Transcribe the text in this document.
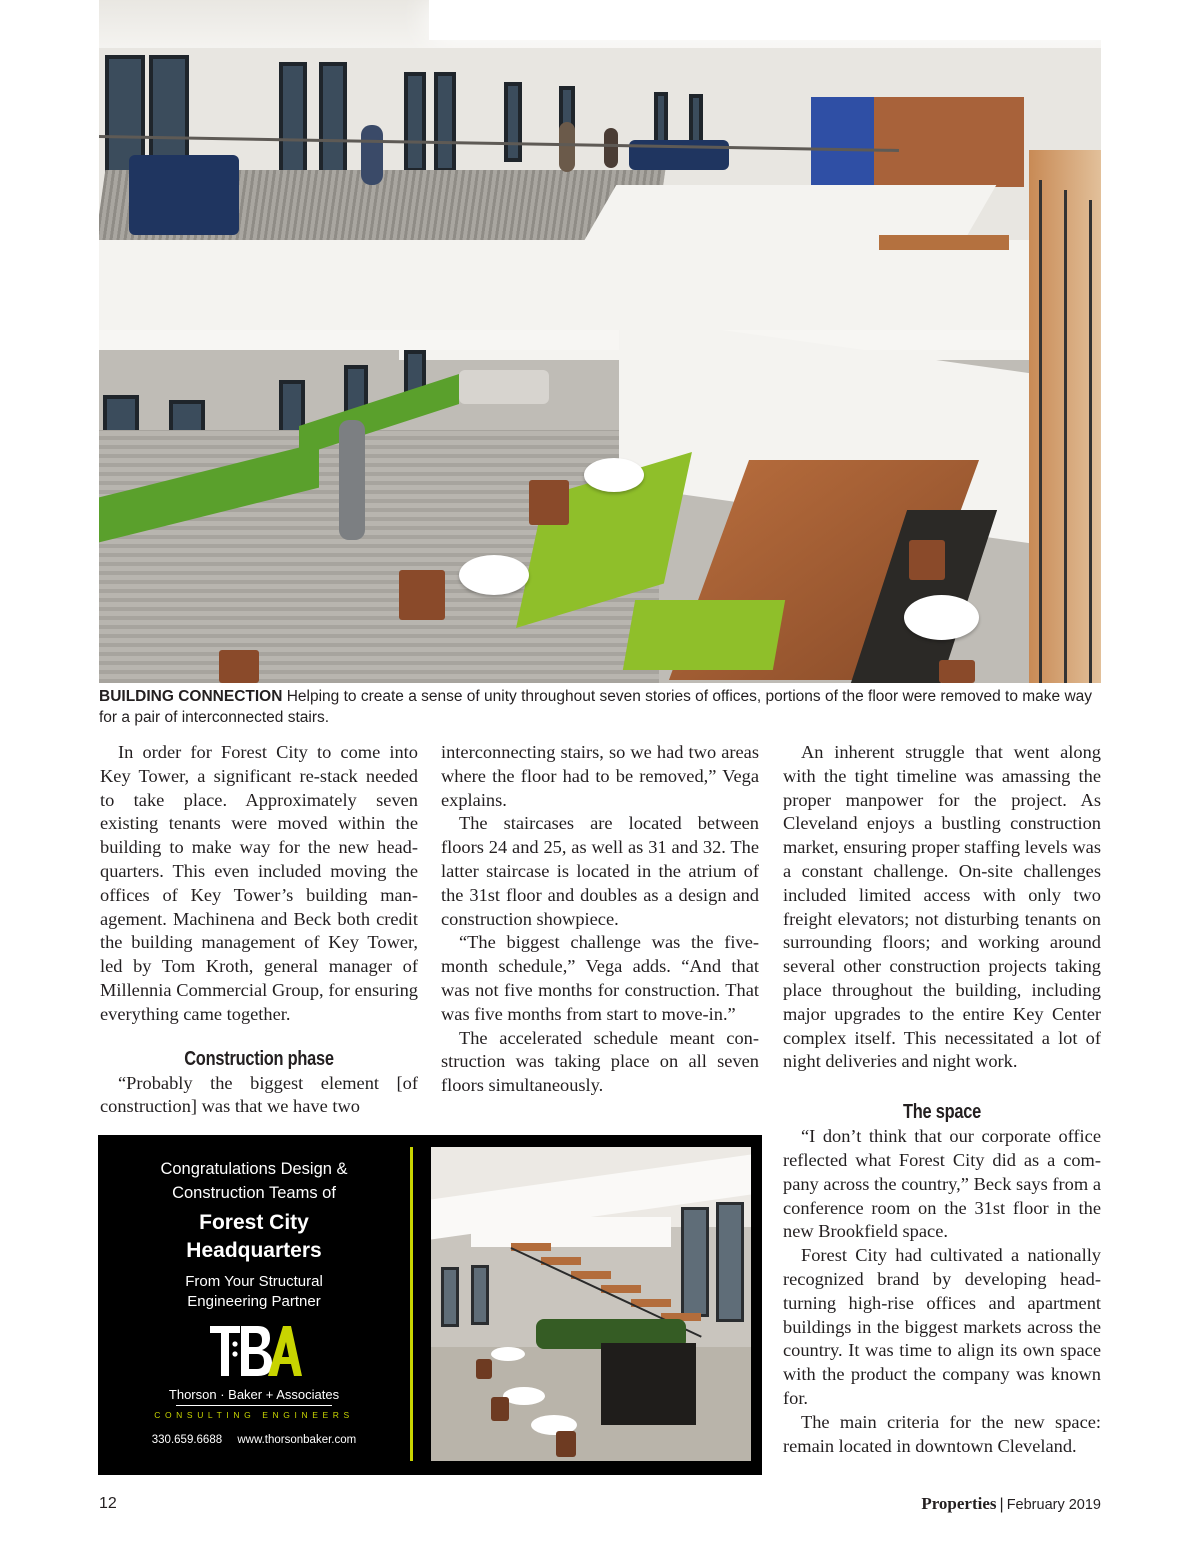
BUILDING CONNECTION Helping to create a sense of unity throughout seven stories of offices, portions of the floor were removed to make way for a pair of interconnected stairs.

In order for Forest City to come into Key Tower, a significant re-stack needed to take place. Approximately seven existing tenants were moved within the building to make way for the new headquarters. This even included moving the offices of Key Tower’s building management. Machinena and Beck both credit the building management of Key Tower, led by Tom Kroth, general manager of Millennia Commercial Group, for ensuring everything came together.

Construction phase

“Probably the biggest element [of construction] was that we have two

interconnecting stairs, so we had two areas where the floor had to be removed,” Vega explains.

The staircases are located between floors 24 and 25, as well as 31 and 32. The latter staircase is located in the atrium of the 31st floor and doubles as a design and construction showpiece.

“The biggest challenge was the five-month schedule,” Vega adds. “And that was not five months for construction. That was five months from start to move-in.”

The accelerated schedule meant construction was taking place on all seven floors simultaneously.

An inherent struggle that went along with the tight timeline was amassing the proper manpower for the project. As Cleveland enjoys a bustling construction market, ensuring proper staffing levels was a constant challenge. On-site challenges included limited access with only two freight elevators; not disturbing tenants on surrounding floors; and working around several other construction projects taking place throughout the building, including major upgrades to the entire Key Center complex itself. This necessitated a lot of night deliveries and night work.

The space

“I don’t think that our corporate office reflected what Forest City did as a company across the country,” Beck says from a conference room on the 31st floor in the new Brookfield space.

Forest City had cultivated a nationally recognized brand by developing headturning high-rise offices and apartment buildings in the biggest markets across the country. It was time to align its own space with the product the company was known for.

The main criteria for the new space: remain located in downtown Cleveland.

Congratulations Design &
Construction Teams of
Forest City
Headquarters
From Your Structural
Engineering Partner
Thorson · Baker + Associates
CONSULTING ENGINEERS
330.659.6688 www.thorsonbaker.com
12	Properties | February 2019
